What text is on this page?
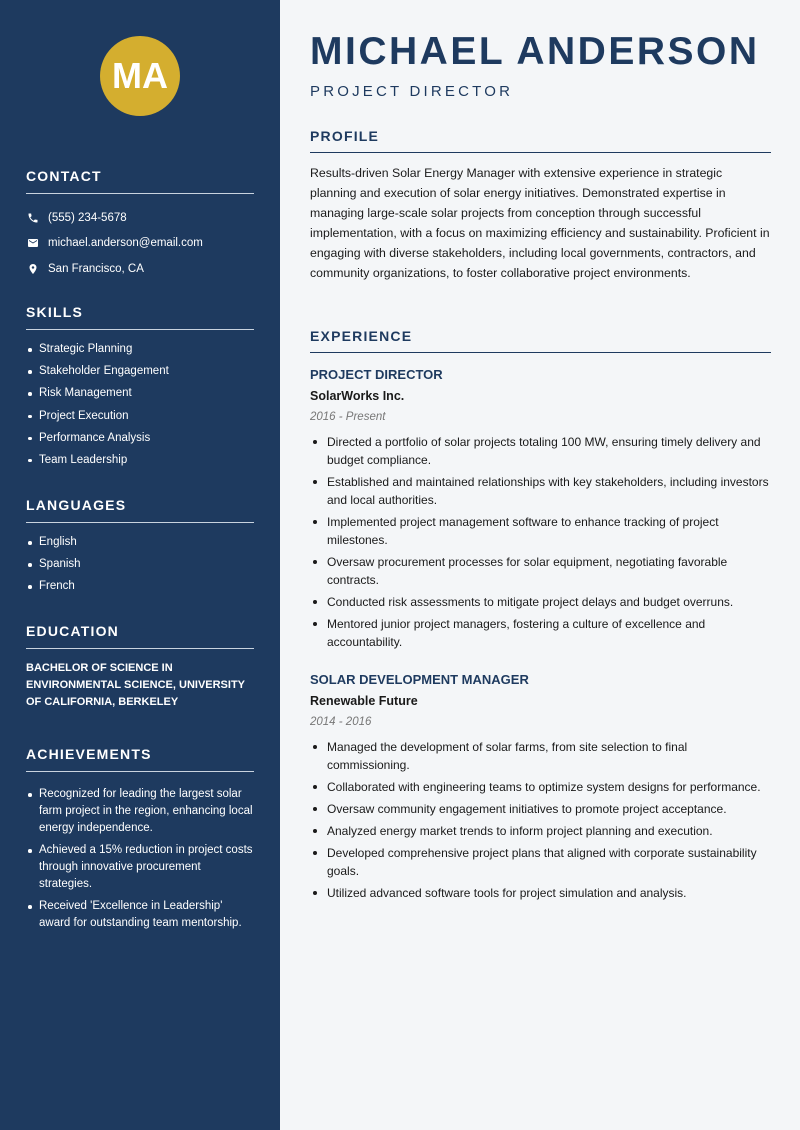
MA
CONTACT
(555) 234-5678
michael.anderson@email.com
San Francisco, CA
SKILLS
Strategic Planning
Stakeholder Engagement
Risk Management
Project Execution
Performance Analysis
Team Leadership
LANGUAGES
English
Spanish
French
EDUCATION
BACHELOR OF SCIENCE IN ENVIRONMENTAL SCIENCE, UNIVERSITY OF CALIFORNIA, BERKELEY
ACHIEVEMENTS
Recognized for leading the largest solar farm project in the region, enhancing local energy independence.
Achieved a 15% reduction in project costs through innovative procurement strategies.
Received 'Excellence in Leadership' award for outstanding team mentorship.
MICHAEL ANDERSON
PROJECT DIRECTOR
PROFILE
Results-driven Solar Energy Manager with extensive experience in strategic planning and execution of solar energy initiatives. Demonstrated expertise in managing large-scale solar projects from conception through successful implementation, with a focus on maximizing efficiency and sustainability. Proficient in engaging with diverse stakeholders, including local governments, contractors, and community organizations, to foster collaborative project environments.
EXPERIENCE
PROJECT DIRECTOR
SolarWorks Inc.
2016 - Present
Directed a portfolio of solar projects totaling 100 MW, ensuring timely delivery and budget compliance.
Established and maintained relationships with key stakeholders, including investors and local authorities.
Implemented project management software to enhance tracking of project milestones.
Oversaw procurement processes for solar equipment, negotiating favorable contracts.
Conducted risk assessments to mitigate project delays and budget overruns.
Mentored junior project managers, fostering a culture of excellence and accountability.
SOLAR DEVELOPMENT MANAGER
Renewable Future
2014 - 2016
Managed the development of solar farms, from site selection to final commissioning.
Collaborated with engineering teams to optimize system designs for performance.
Oversaw community engagement initiatives to promote project acceptance.
Analyzed energy market trends to inform project planning and execution.
Developed comprehensive project plans that aligned with corporate sustainability goals.
Utilized advanced software tools for project simulation and analysis.
